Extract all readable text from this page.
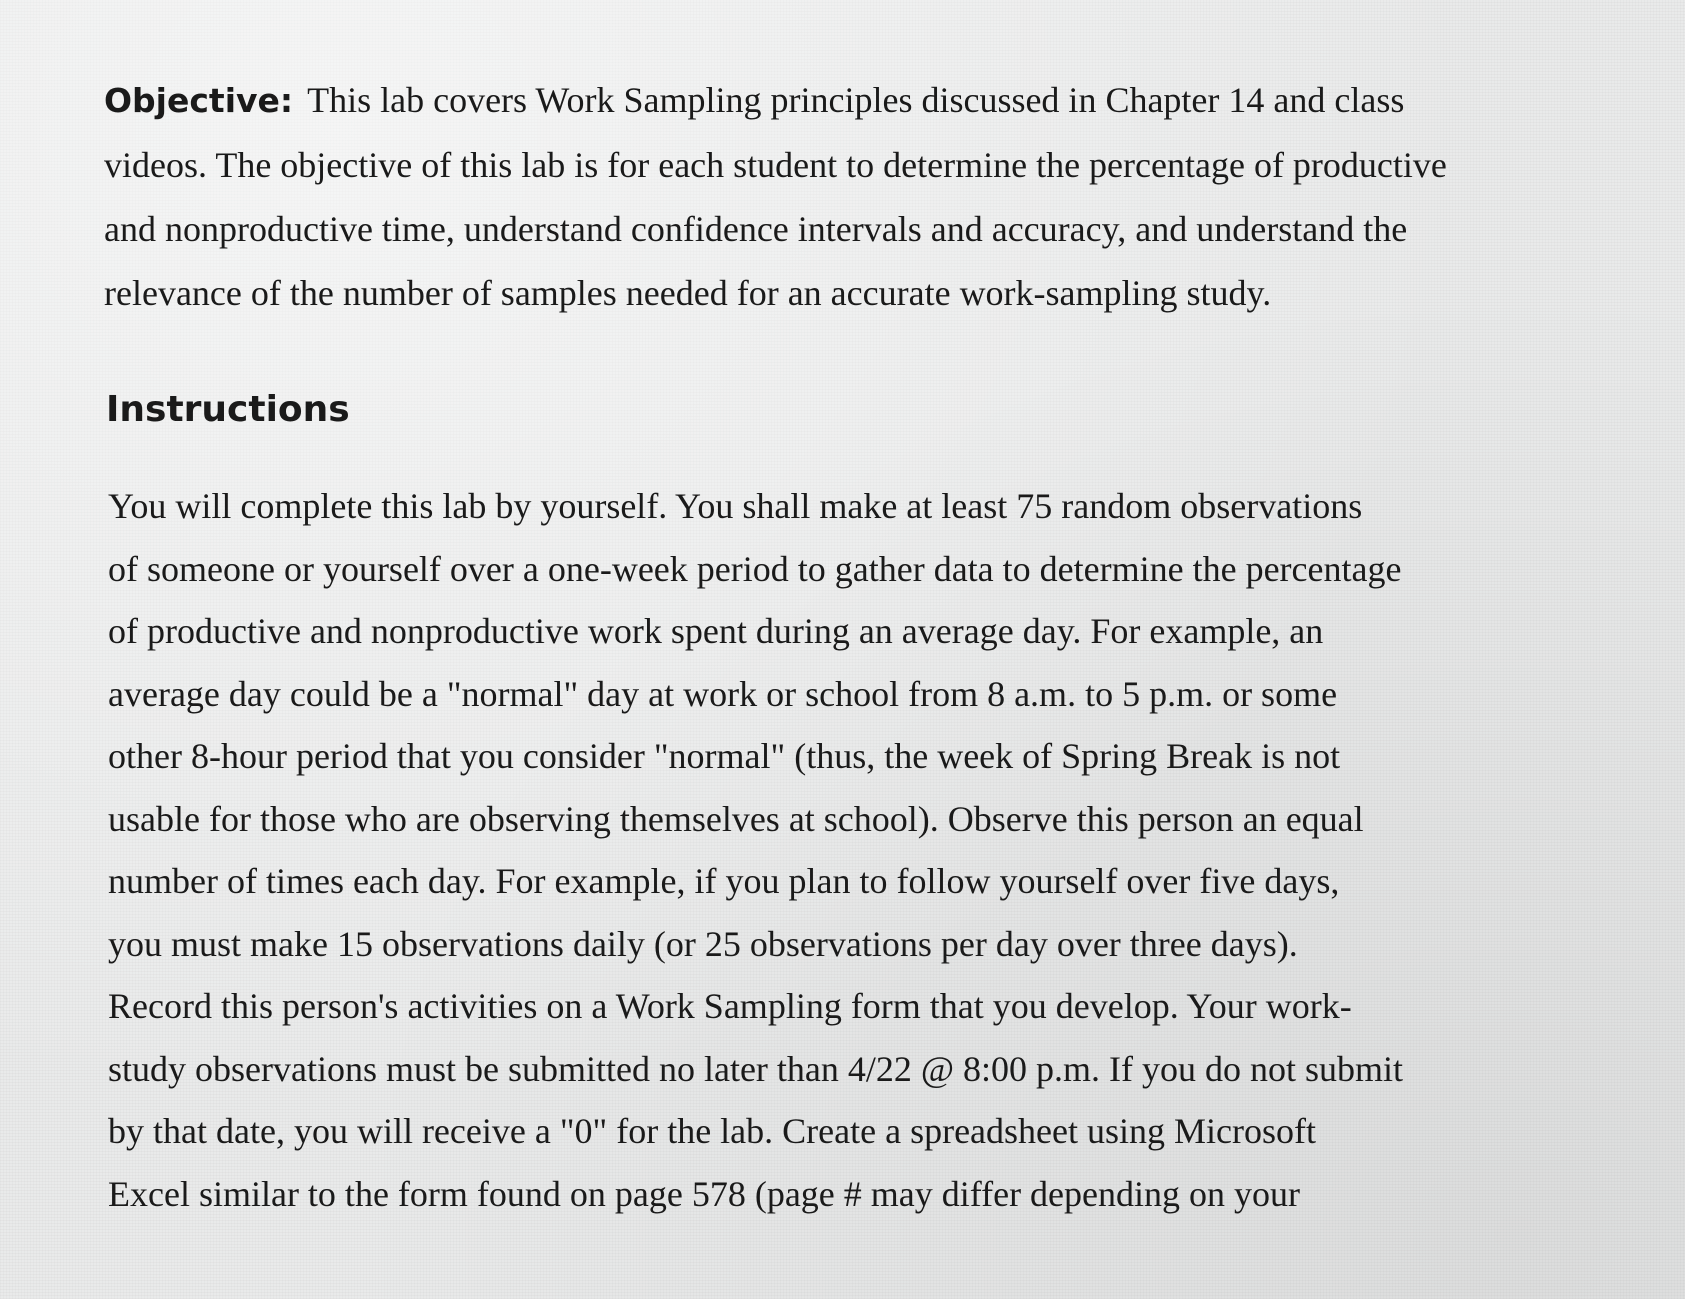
Objective: This lab covers Work Sampling principles discussed in Chapter 14 and class videos. The objective of this lab is for each student to determine the percentage of productive and nonproductive time, understand confidence intervals and accuracy, and understand the relevance of the number of samples needed for an accurate work-sampling study.

Instructions
You will complete this lab by yourself. You shall make at least 75 random observations
of someone or yourself over a one-week period to gather data to determine the percentage
of productive and nonproductive work spent during an average day. For example, an
average day could be a "normal" day at work or school from 8 a.m. to 5 p.m. or some
other 8-hour period that you consider "normal" (thus, the week of Spring Break is not
usable for those who are observing themselves at school). Observe this person an equal
number of times each day. For example, if you plan to follow yourself over five days,
you must make 15 observations daily (or 25 observations per day over three days).
Record this person's activities on a Work Sampling form that you develop. Your work-
study observations must be submitted no later than 4/22 @ 8:00 p.m. If you do not submit
by that date, you will receive a "0" for the lab. Create a spreadsheet using Microsoft
Excel similar to the form found on page 578 (page # may differ depending on your
